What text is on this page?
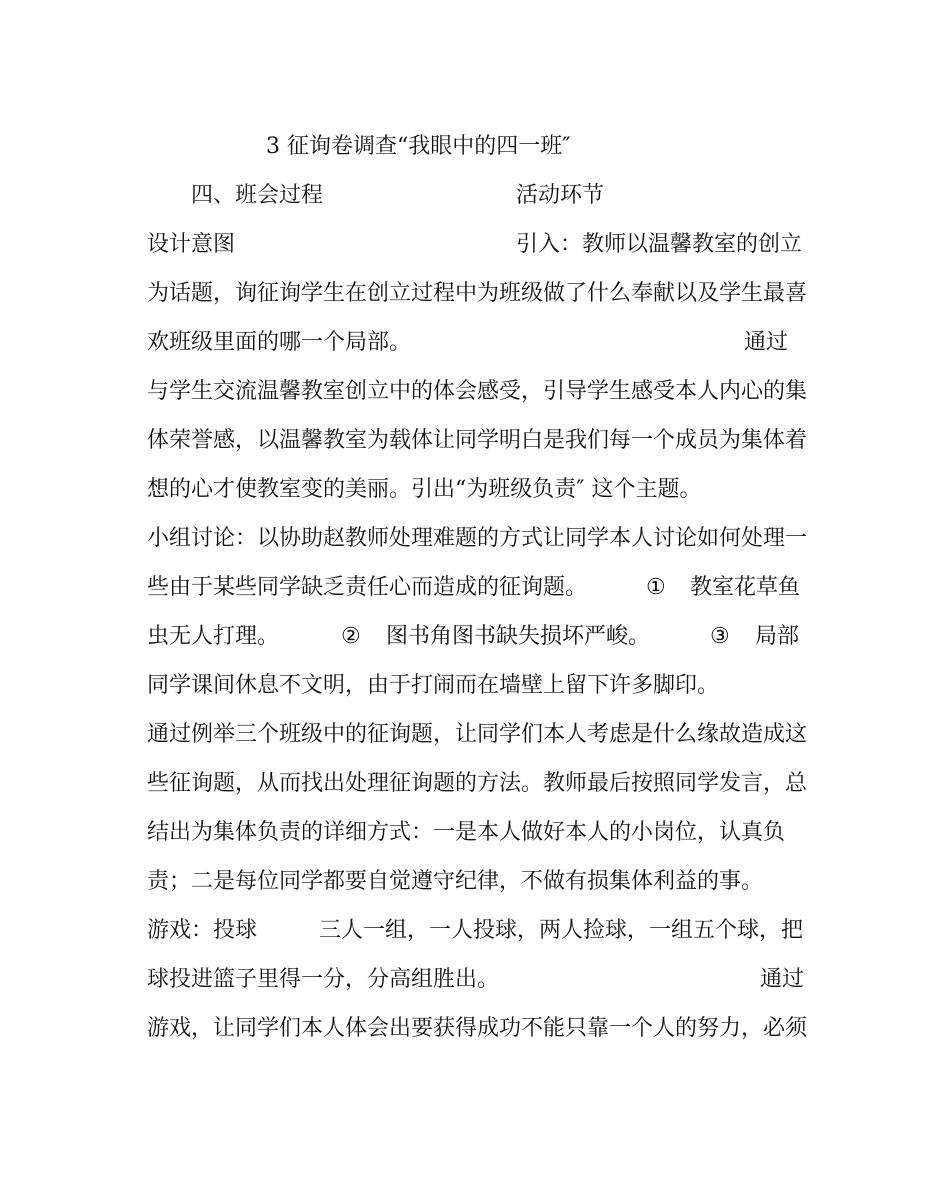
3 征询卷调查“我眼中的四一班″
四、班会过程	活动环节
设计意图	引入：教师以温馨教室的创立
为话题，询征询学生在创立过程中为班级做了什么奉献以及学生最喜
欢班级里面的哪一个局部。	通过
与学生交流温馨教室创立中的体会感受，引导学生感受本人内心的集
体荣誉感，以温馨教室为载体让同学明白是我们每一个成员为集体着
想的心才使教室变的美丽。引出“为班级负责″ 这个主题。
小组讨论：以协助赵教师处理难题的方式让同学本人讨论如何处理一
些由于某些同学缺乏责任心而造成的征询题。	① 教室花草鱼
虫无人打理。	② 图书角图书缺失损坏严峻。	③ 局部
同学课间休息不文明，由于打闹而在墙壁上留下许多脚印。
通过例举三个班级中的征询题，让同学们本人考虑是什么缘故造成这
些征询题，从而找出处理征询题的方法。教师最后按照同学发言，总
结出为集体负责的详细方式：一是本人做好本人的小岗位，认真负
责；二是每位同学都要自觉遵守纪律，不做有损集体利益的事。
游戏：投球	三人一组，一人投球，两人捡球，一组五个球，把
球投进篮子里得一分，分高组胜出。	通过
游戏，让同学们本人体会出要获得成功不能只靠一个人的努力，必须
